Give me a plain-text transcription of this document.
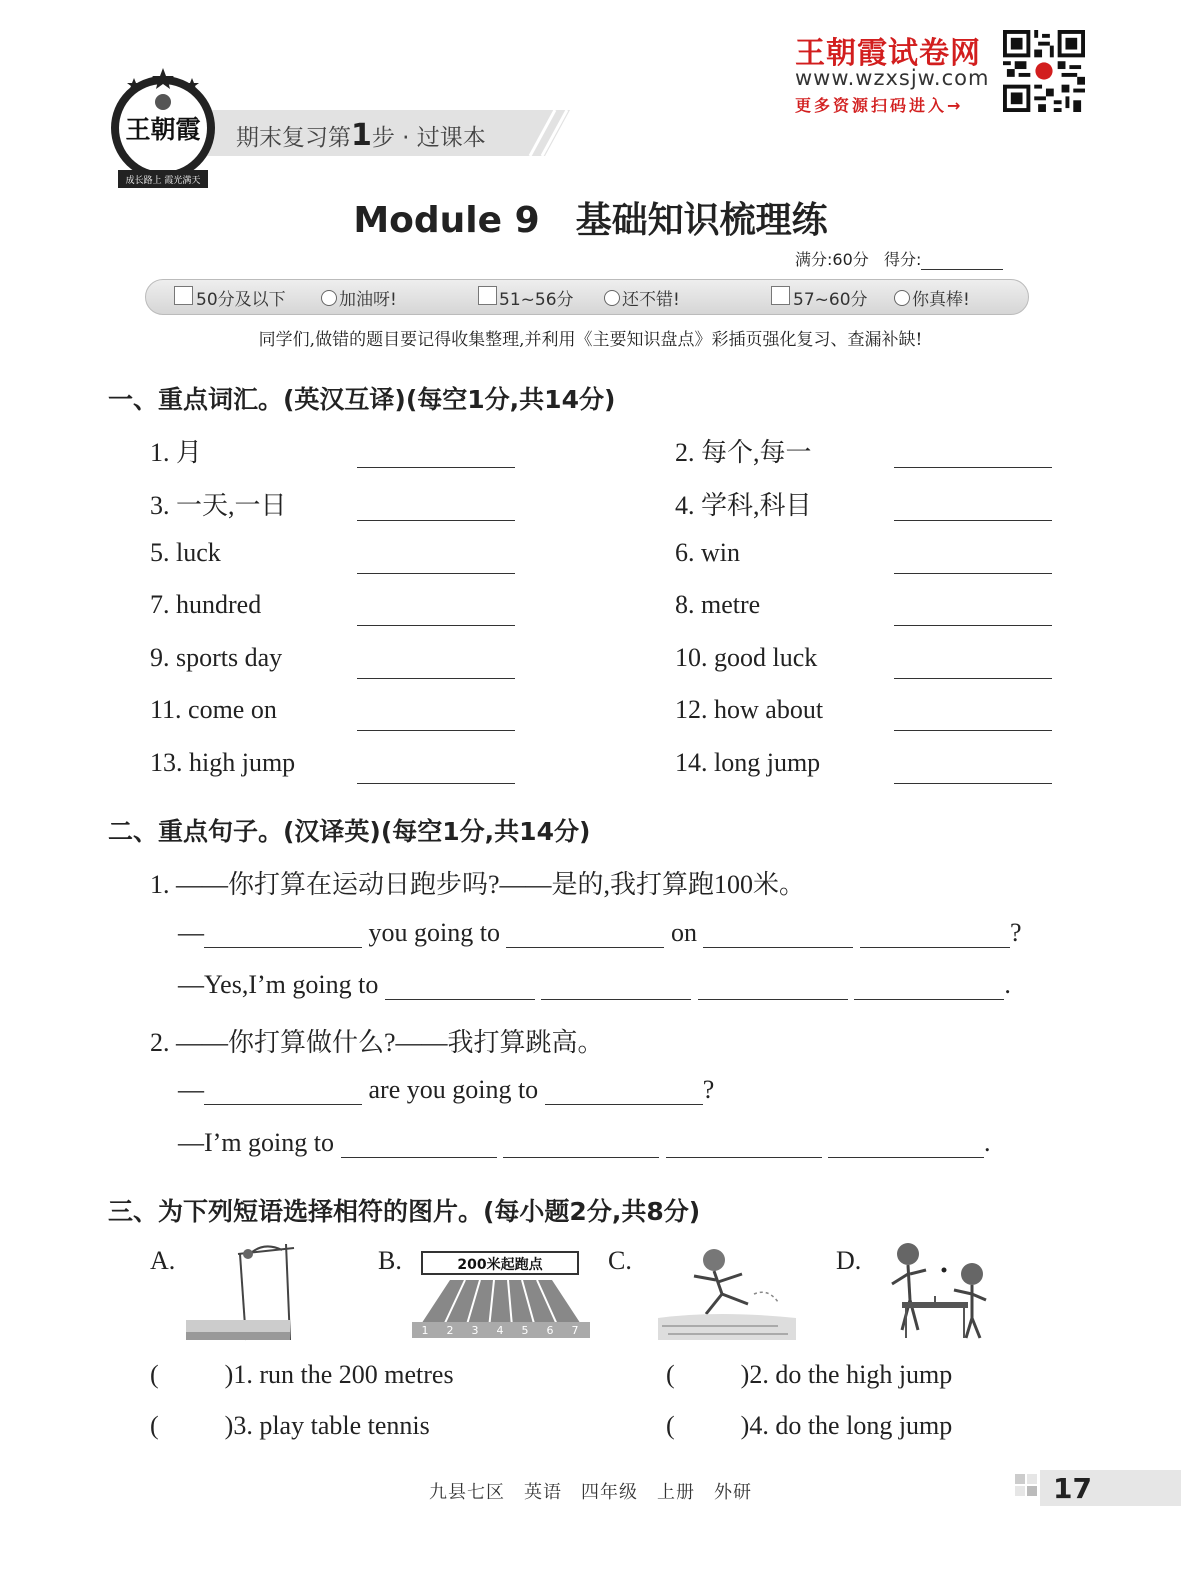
王朝霞试卷网
www.wzxsjw.com
更多资源扫码进入→
期末复习第1步 · 过课本
王朝霞
成长路上 霞光满天
Module 9　基础知识梳理练
满分:60分 得分:
50分及以下	加油呀!	51~56分	还不错!	57~60分	你真棒!
同学们,做错的题目要记得收集整理,并利用《主要知识盘点》彩插页强化复习、查漏补缺!
一、重点词汇。(英汉互译)(每空1分,共14分)
1. 月	2. 每个,每一
3. 一天,一日	4. 学科,科目
5. luck	6. win
7. hundred	8. metre
9. sports day	10. good luck
11. come on	12. how about
13. high jump	14. long jump
二、重点句子。(汉译英)(每空1分,共14分)
1. ——你打算在运动日跑步吗?——是的,我打算跑100米。
—	you going to	on	?
—Yes,I’m going to	.
2. ——你打算做什么?——我打算跳高。
—	are you going to	?
—I’m going to	.
三、为下列短语选择相符的图片。(每小题2分,共8分)
A.	B.	C.	D.
200米起跑点
1 2 3 4 5 6 7
(	)1. run the 200 metres	(	)2. do the high jump
(	)3. play table tennis	(	)4. do the long jump
九县七区　英语　四年级　上册　外研	17
